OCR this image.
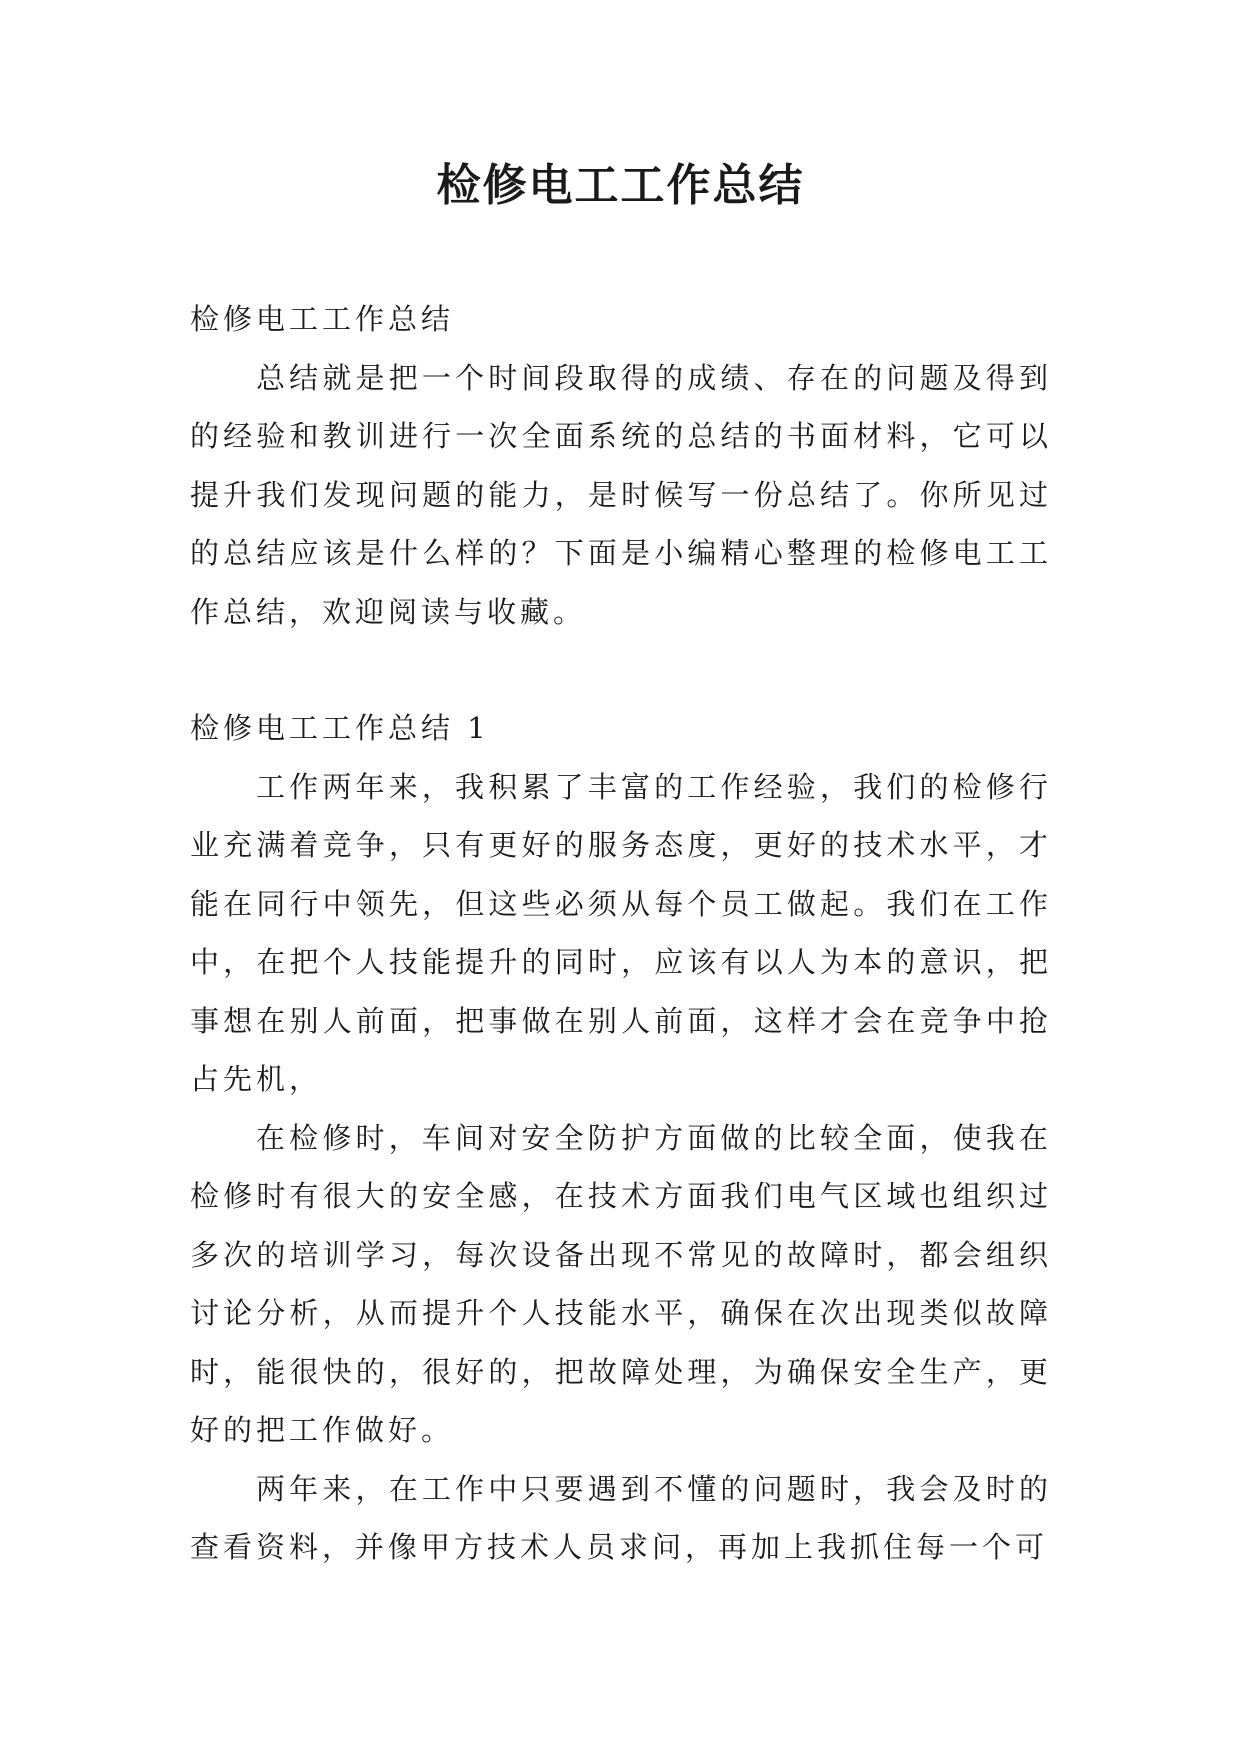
检修电工工作总结

检修电工工作总结

总结就是把一个时间段取得的成绩、存在的问题及得到的经验和教训进行一次全面系统的总结的书面材料，它可以提升我们发现问题的能力，是时候写一份总结了。你所见过的总结应该是什么样的？下面是小编精心整理的检修电工工作总结，欢迎阅读与收藏。

检修电工工作总结 1

工作两年来，我积累了丰富的工作经验，我们的检修行业充满着竞争，只有更好的服务态度，更好的技术水平，才能在同行中领先，但这些必须从每个员工做起。我们在工作中，在把个人技能提升的同时，应该有以人为本的意识，把事想在别人前面，把事做在别人前面，这样才会在竞争中抢占先机，

在检修时，车间对安全防护方面做的比较全面，使我在检修时有很大的安全感，在技术方面我们电气区域也组织过多次的培训学习，每次设备出现不常见的故障时，都会组织讨论分析，从而提升个人技能水平，确保在次出现类似故障时，能很快的，很好的，把故障处理，为确保安全生产，更好的把工作做好。

两年来，在工作中只要遇到不懂的问题时，我会及时的查看资料，并像甲方技术人员求问，再加上我抓住每一个可
